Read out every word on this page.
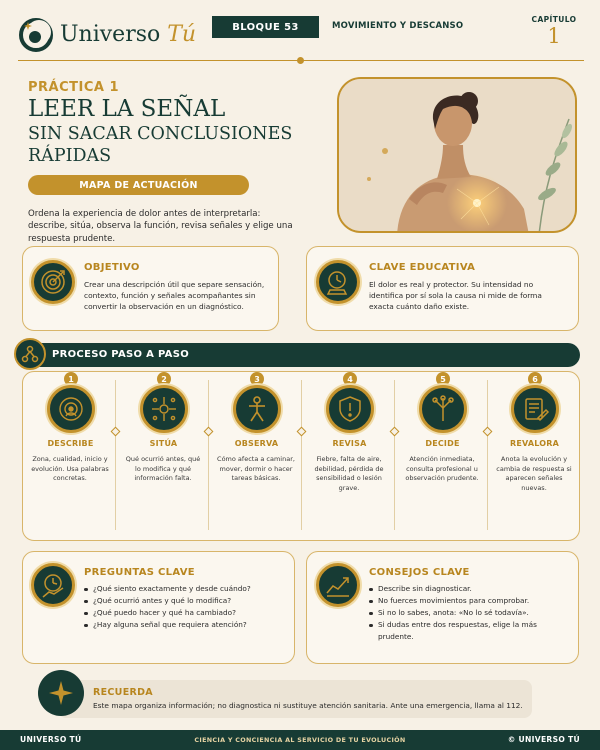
Universo Tú	BLOQUE 53	MOVIMIENTO Y DESCANSO
CAPÍTULO
1
PRÁCTICA 1
LEER LA SEÑAL
SIN SACAR CONCLUSIONES RÁPIDAS
MAPA DE ACTUACIÓN
Ordena la experiencia de dolor antes de interpretarla: describe, sitúa, observa la función, revisa señales y elige una respuesta prudente.
OBJETIVO
Crear una descripción útil que separe sensación, contexto, función y señales acompañantes sin convertir la observación en un diagnóstico.
CLAVE EDUCATIVA
El dolor es real y protector. Su intensidad no identifica por sí sola la causa ni mide de forma exacta cuánto daño existe.
PROCESO PASO A PASO
1
DESCRIBE
Zona, cualidad, inicio y evolución. Usa palabras concretas.
2
SITÚA
Qué ocurrió antes, qué lo modifica y qué información falta.
3
OBSERVA
Cómo afecta a caminar, mover, dormir o hacer tareas básicas.
4
REVISA
Fiebre, falta de aire, debilidad, pérdida de sensibilidad o lesión grave.
5
DECIDE
Atención inmediata, consulta profesional u observación prudente.
6
REVALORA
Anota la evolución y cambia de respuesta si aparecen señales nuevas.
PREGUNTAS CLAVE
¿Qué siento exactamente y desde cuándo?
¿Qué ocurrió antes y qué lo modifica?
¿Qué puedo hacer y qué ha cambiado?
¿Hay alguna señal que requiera atención?
CONSEJOS CLAVE
Describe sin diagnosticar.
No fuerces movimientos para comprobar.
Si no lo sabes, anota: «No lo sé todavía».
Si dudas entre dos respuestas, elige la más prudente.
RECUERDA
Este mapa organiza información; no diagnostica ni sustituye atención sanitaria. Ante una emergencia, llama al 112.
UNIVERSO TÚ	CIENCIA Y CONCIENCIA AL SERVICIO DE TU EVOLUCIÓN	© UNIVERSO TÚ
